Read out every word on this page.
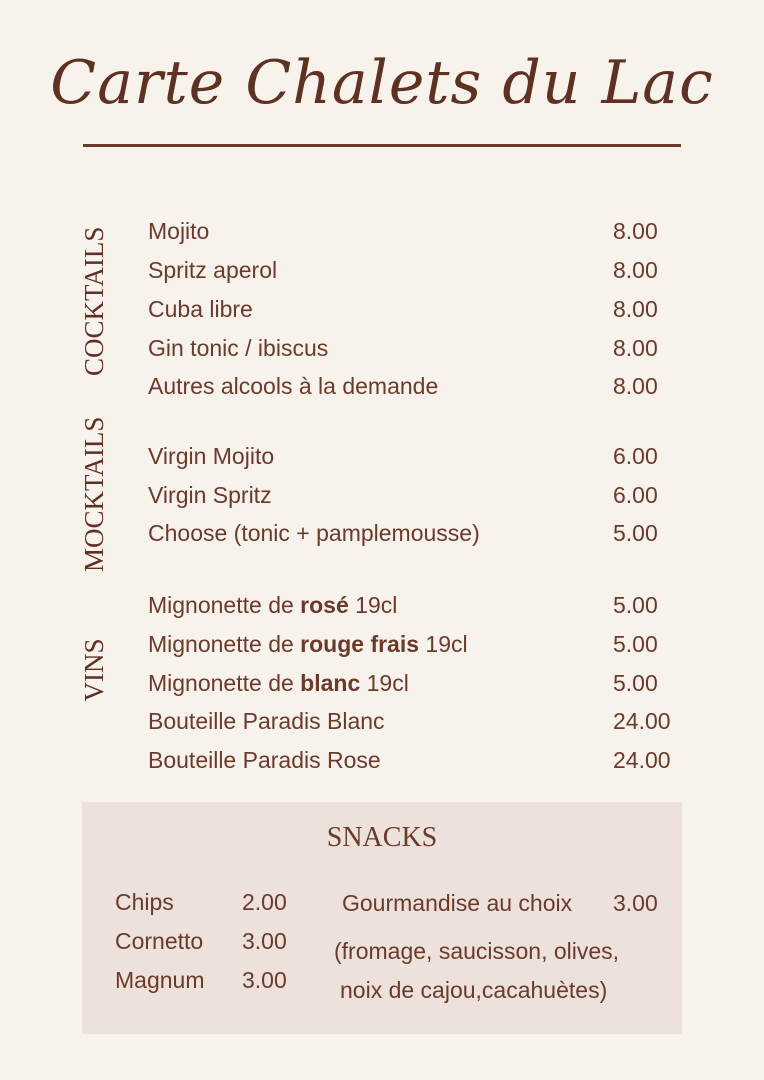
Carte Chalets du Lac
COCKTAILS
MOCKTAILS
VINS
Mojito	8.00
Spritz aperol	8.00
Cuba libre	8.00
Gin tonic / ibiscus	8.00
Autres alcools à la demande	8.00
Virgin Mojito	6.00
Virgin Spritz	6.00
Choose (tonic + pamplemousse)	5.00
Mignonette de rosé 19cl	5.00
Mignonette de rouge frais 19cl	5.00
Mignonette de blanc 19cl	5.00
Bouteille Paradis Blanc	24.00
Bouteille Paradis Rose	24.00
SNACKS
Chips	2.00
Cornetto 3.00
Magnum 3.00
Gourmandise au choix 3.00
(fromage, saucisson, olives,
noix de cajou,cacahuètes)
